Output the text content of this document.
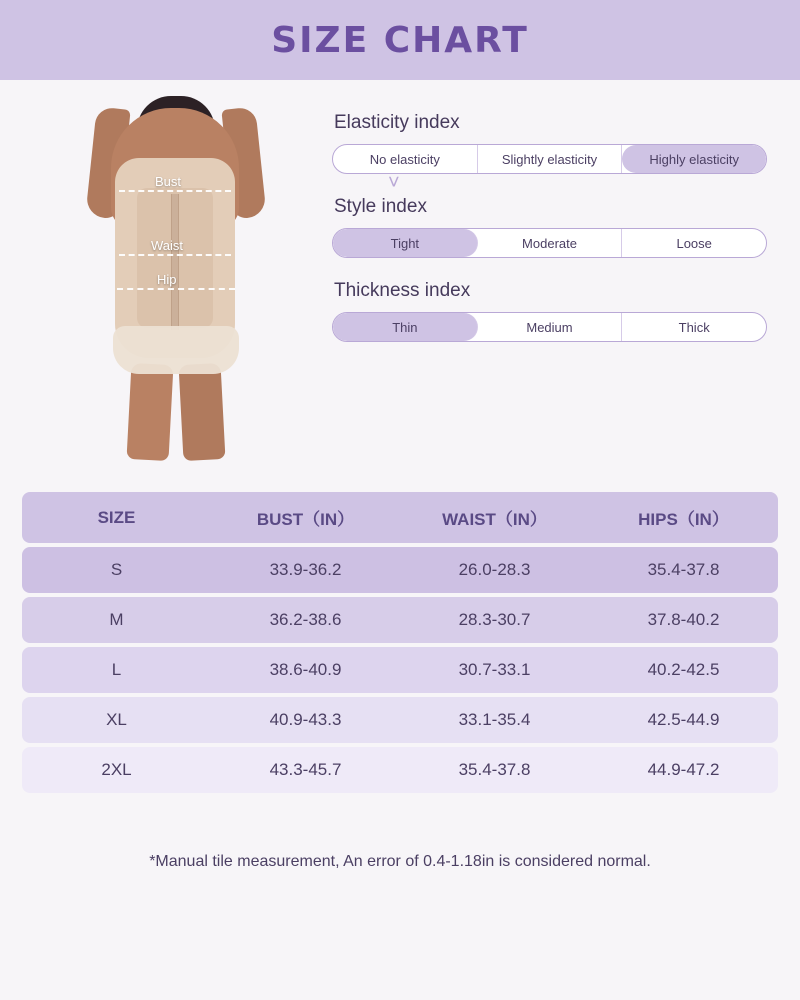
SIZE CHART
Bust
Waist
Hip
˅
Elasticity index
No elasticity	Slightly elasticity	Highly elasticity
Style index
Tight	Moderate	Loose
Thickness index
Thin	Medium	Thick
SIZE	BUST（IN）	WAIST（IN）	HIPS（IN）
S	33.9-36.2	26.0-28.3	35.4-37.8
M	36.2-38.6	28.3-30.7	37.8-40.2
L	38.6-40.9	30.7-33.1	40.2-42.5
XL	40.9-43.3	33.1-35.4	42.5-44.9
2XL	43.3-45.7	35.4-37.8	44.9-47.2
*Manual tile measurement, An error of 0.4-1.18in is considered normal.
